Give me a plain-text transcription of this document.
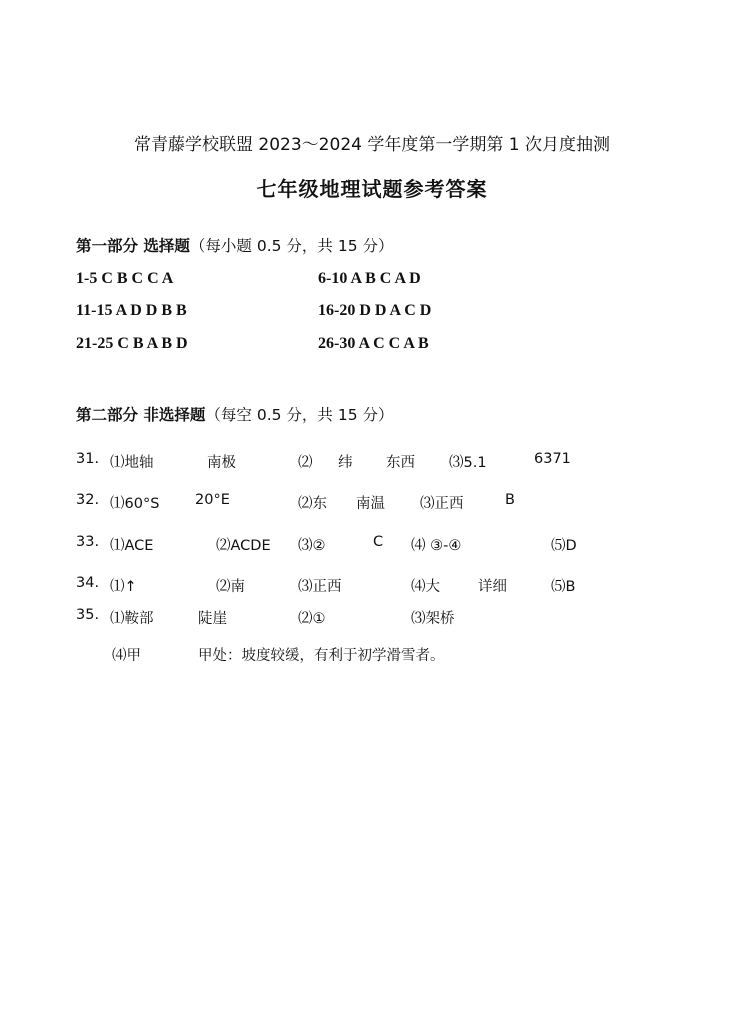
常青藤学校联盟 2023～2024 学年度第一学期第 1 次月度抽测
七年级地理试题参考答案
第一部分 选择题（每小题 0.5 分，共 15 分）
1-5 C B C C A	6-10 A B C A D
11-15 A D D B B	16-20 D D A C D
21-25 C B A B D	26-30 A C C A B
第二部分 非选择题（每空 0.5 分，共 15 分）
31. ⑴地轴	南极	⑵ 纬 东西 ⑶5.1	6371
32. ⑴60°S 20°E	⑵东 南温 ⑶正西	B
33. ⑴ACE	⑵ACDE ⑶②	C ⑷ ③-④	⑸D
34. ⑴↑	⑵南	⑶正西	⑷大	详细	⑸B
35. ⑴鞍部	陡崖	⑵①	⑶架桥
⑷甲	甲处：坡度较缓，有利于初学滑雪者。
